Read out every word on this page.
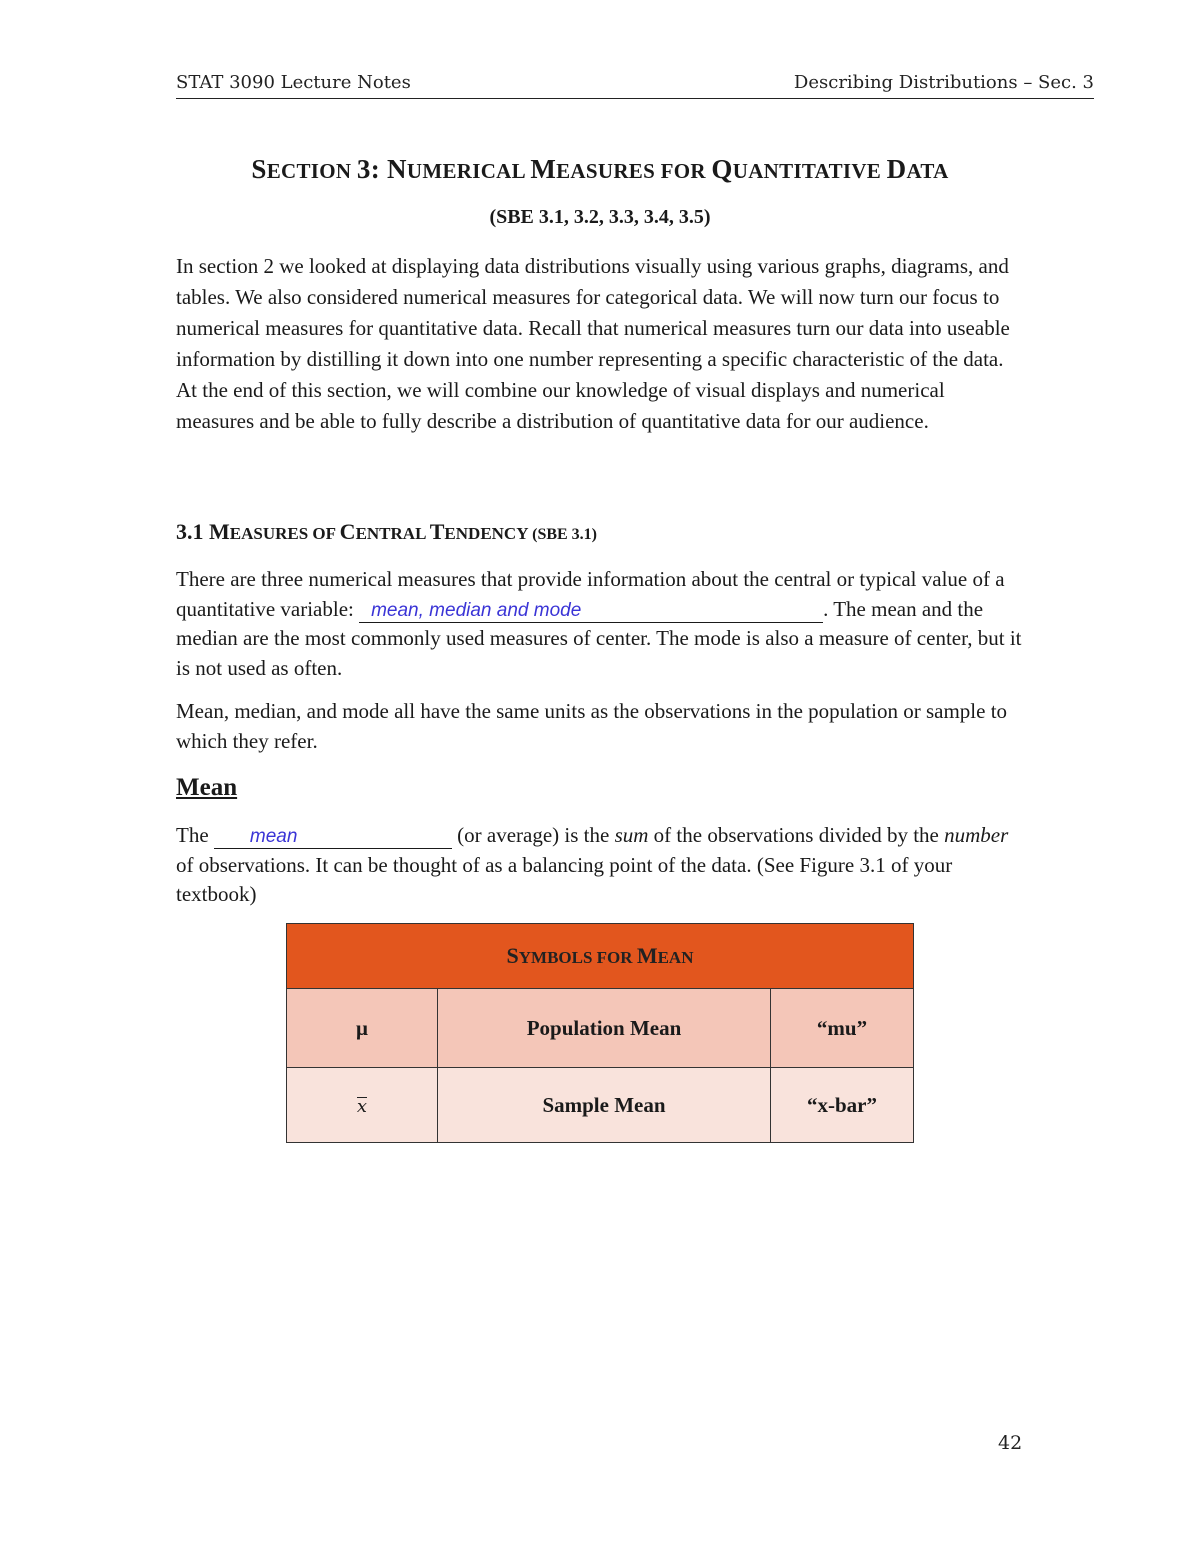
STAT 3090 Lecture Notes	Describing Distributions – Sec. 3
SECTION 3: NUMERICAL MEASURES FOR QUANTITATIVE DATA
(SBE 3.1, 3.2, 3.3, 3.4, 3.5)

In section 2 we looked at displaying data distributions visually using various graphs, diagrams, and tables. We also considered numerical measures for categorical data. We will now turn our focus to numerical measures for quantitative data. Recall that numerical measures turn our data into useable information by distilling it down into one number representing a specific characteristic of the data. At the end of this section, we will combine our knowledge of visual displays and numerical measures and be able to fully describe a distribution of quantitative data for our audience.

3.1 MEASURES OF CENTRAL TENDENCY (SBE 3.1)

There are three numerical measures that provide information about the central or typical value of a quantitative variable: mean, median and mode	. The mean and the median are the most commonly used measures of center. The mode is also a measure of center, but it is not used as often.

Mean, median, and mode all have the same units as the observations in the population or sample to which they refer.

Mean

The mean	(or average) is the sum of the observations divided by the number of observations. It can be thought of as a balancing point of the data. (See Figure 3.1 of your textbook)

SYMBOLS FOR MEAN		
μ	Population Mean	“mu”
x	Sample Mean	“x-bar”
42
